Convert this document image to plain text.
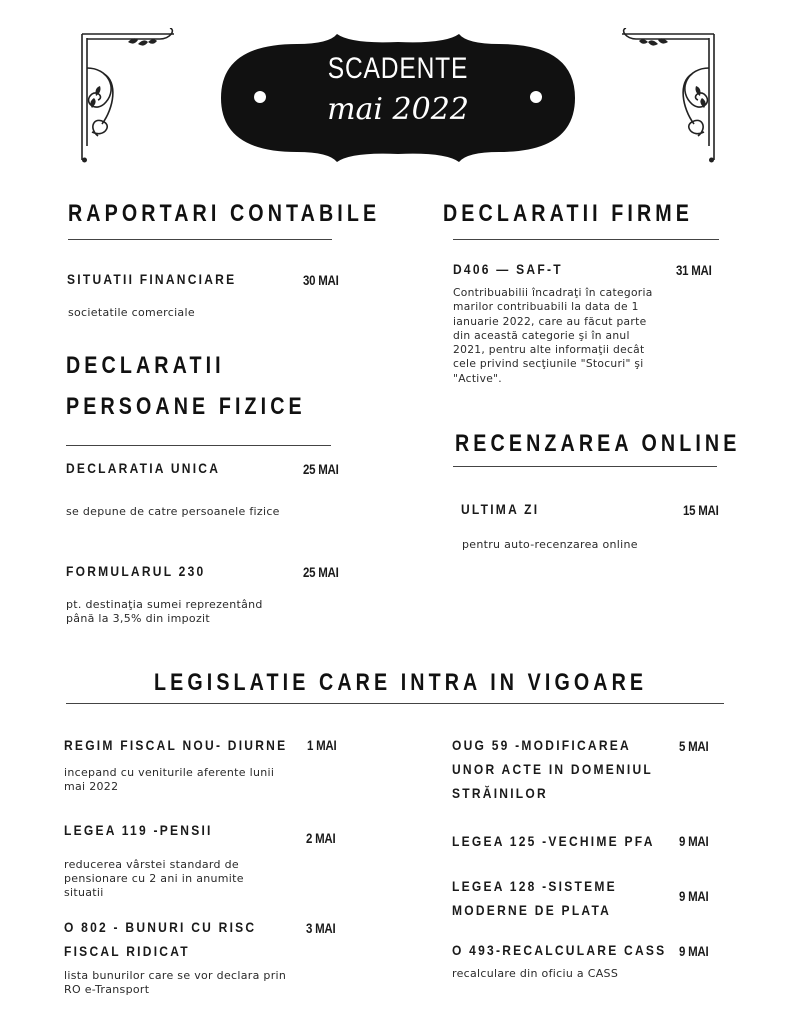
SCADENTE
mai 2022
RAPORTARI CONTABILE
SITUATII FINANCIARE	30 MAI
societatile comerciale
DECLARATII FIRME
D406 — SAF-T	31 MAI
Contribuabilii încadraţi în categoria marilor contribuabili la data de 1 ianuarie 2022, care au făcut parte din această categorie şi în anul 2021, pentru alte informaţii decât cele privind secţiunile "Stocuri" şi "Active".
DECLARATII
PERSOANE FIZICE
DECLARATIA UNICA	25 MAI
se depune de catre persoanele fizice
FORMULARUL 230	25 MAI
pt. destinaţia sumei reprezentând până la 3,5% din impozit
RECENZAREA ONLINE
ULTIMA ZI	15 MAI
pentru auto-recenzarea online
LEGISLATIE CARE INTRA IN VIGOARE
REGIM FISCAL NOU- DIURNE 1 MAI
incepand cu veniturile aferente lunii mai 2022
LEGEA 119 -PENSII	2 MAI
reducerea vârstei standard de pensionare cu 2 ani in anumite situatii
O 802 - BUNURI CU RISC
FISCAL RIDICAT
3 MAI
lista bunurilor care se vor declara prin RO e-Transport
OUG 59 -MODIFICAREA
UNOR ACTE IN DOMENIUL
STRĂINILOR
5 MAI
LEGEA 125 -VECHIME PFA 9 MAI
LEGEA 128 -SISTEME
MODERNE DE PLATA
9 MAI
O 493-RECALCULARE CASS 9 MAI
recalculare din oficiu a CASS
